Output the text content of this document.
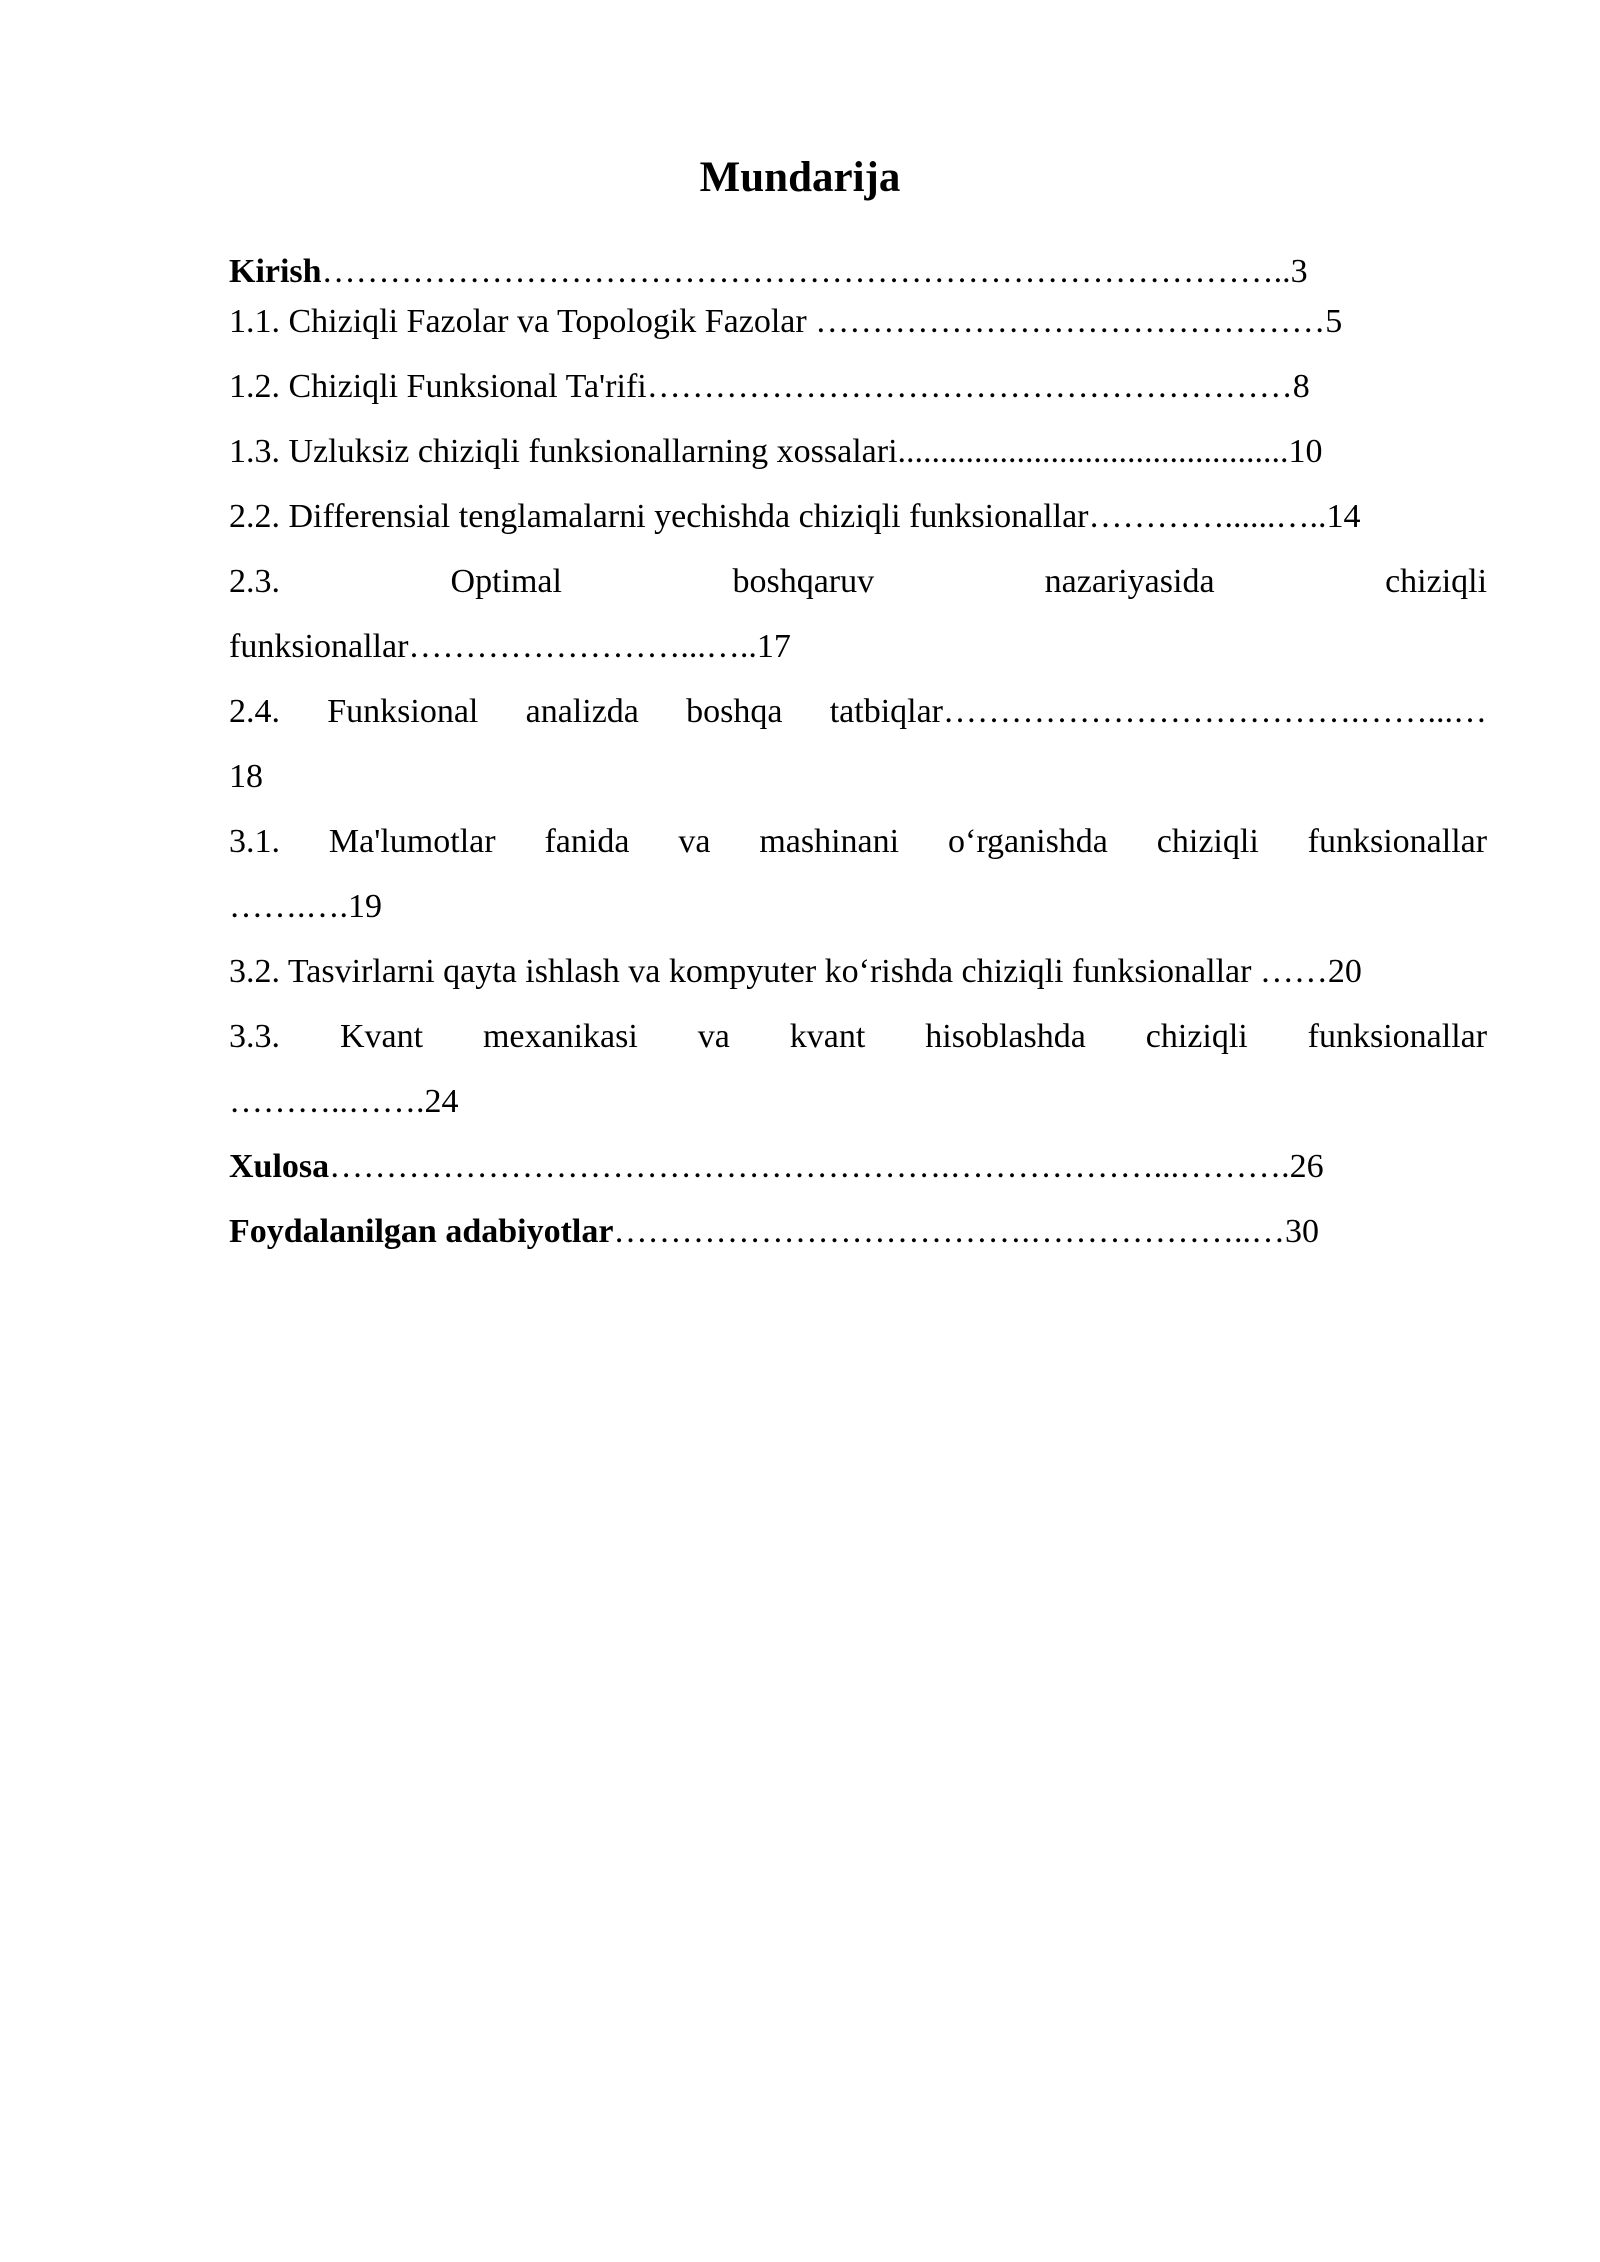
Mundarija
Kirish…………………………………………………………………………..3
1.1. Chiziqli Fazolar va Topologik Fazolar ………………………………………5
1.2. Chiziqli Funksional Ta'rifi…………………………………………………8
1.3. Uzluksiz chiziqli funksionallarning xossalari..............................................10
2.2. Differensial tenglamalarni yechishda chiziqli funksionallar…………......…..14
2.3.	Optimal	boshqaruv	nazariyasida	chiziqli
funksionallar……………………...…..17
2.4. Funksional analizda boshqa tatbiqlar……………………………….……...…
18
3.1. Ma'lumotlar fanida va mashinani o‘rganishda chiziqli funksionallar
…….….19
3.2. Tasvirlarni qayta ishlash va kompyuter ko‘rishda chiziqli funksionallar ……20
3.3. Kvant mexanikasi va kvant hisoblashda chiziqli funksionallar
………..…….24
Xulosa……………………………………………….………………...……….26
Foydalanilgan adabiyotlar……………………………….………………..…30
